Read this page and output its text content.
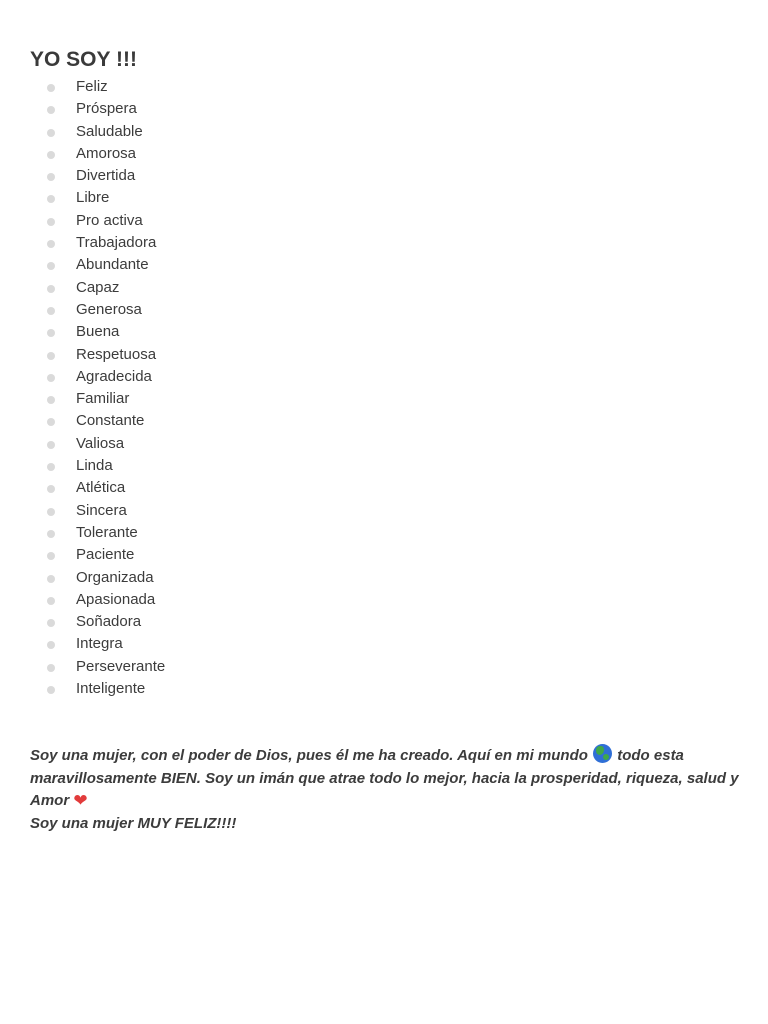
YO SOY !!!
Feliz
Próspera
Saludable
Amorosa
Divertida
Libre
Pro activa
Trabajadora
Abundante
Capaz
Generosa
Buena
Respetuosa
Agradecida
Familiar
Constante
Valiosa
Linda
Atlética
Sincera
Tolerante
Paciente
Organizada
Apasionada
Soñadora
Integra
Perseverante
Inteligente

Soy una mujer, con el poder de Dios, pues él me ha creado. Aquí en mi mundo  todo esta maravillosamente BIEN. Soy un imán que atrae todo lo mejor, hacia la prosperidad, riqueza, salud y Amor ❤

Soy una mujer MUY FELIZ!!!!
